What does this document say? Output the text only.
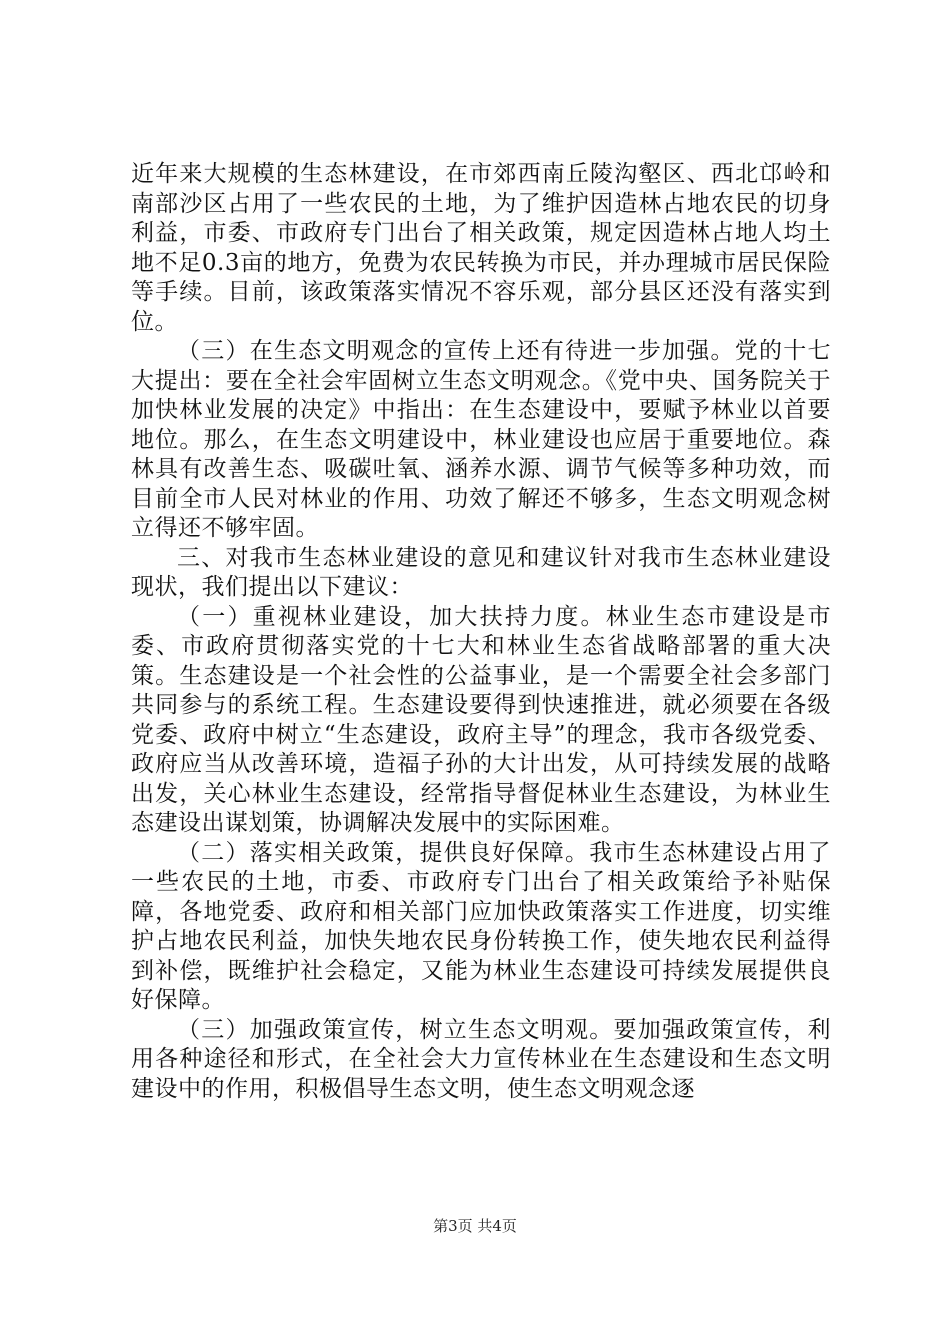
近年来大规模的生态林建设，在市郊西南丘陵沟壑区、西北邙岭和南部沙区占用了一些农民的土地，为了维护因造林占地农民的切身利益，市委、市政府专门出台了相关政策，规定因造林占地人均土地不足0.3亩的地方，免费为农民转换为市民，并办理城市居民保险等手续。目前，该政策落实情况不容乐观，部分县区还没有落实到位。

（三）在生态文明观念的宣传上还有待进一步加强。党的十七大提出：要在全社会牢固树立生态文明观念。《党中央、国务院关于加快林业发展的决定》中指出：在生态建设中，要赋予林业以首要地位。那么，在生态文明建设中，林业建设也应居于重要地位。森林具有改善生态、吸碳吐氧、涵养水源、调节气候等多种功效，而目前全市人民对林业的作用、功效了解还不够多，生态文明观念树立得还不够牢固。

三、对我市生态林业建设的意见和建议针对我市生态林业建设现状，我们提出以下建议：

（一）重视林业建设，加大扶持力度。林业生态市建设是市委、市政府贯彻落实党的十七大和林业生态省战略部署的重大决策。生态建设是一个社会性的公益事业，是一个需要全社会多部门共同参与的系统工程。生态建设要得到快速推进，就必须要在各级党委、政府中树立“生态建设，政府主导”的理念，我市各级党委、政府应当从改善环境，造福子孙的大计出发，从可持续发展的战略出发，关心林业生态建设，经常指导督促林业生态建设，为林业生态建设出谋划策，协调解决发展中的实际困难。

（二）落实相关政策，提供良好保障。我市生态林建设占用了一些农民的土地，市委、市政府专门出台了相关政策给予补贴保障，各地党委、政府和相关部门应加快政策落实工作进度，切实维护占地农民利益，加快失地农民身份转换工作，使失地农民利益得到补偿，既维护社会稳定，又能为林业生态建设可持续发展提供良好保障。

（三）加强政策宣传，树立生态文明观。要加强政策宣传，利用各种途径和形式，在全社会大力宣传林业在生态建设和生态文明建设中的作用，积极倡导生态文明，使生态文明观念逐

第3页 共4页
